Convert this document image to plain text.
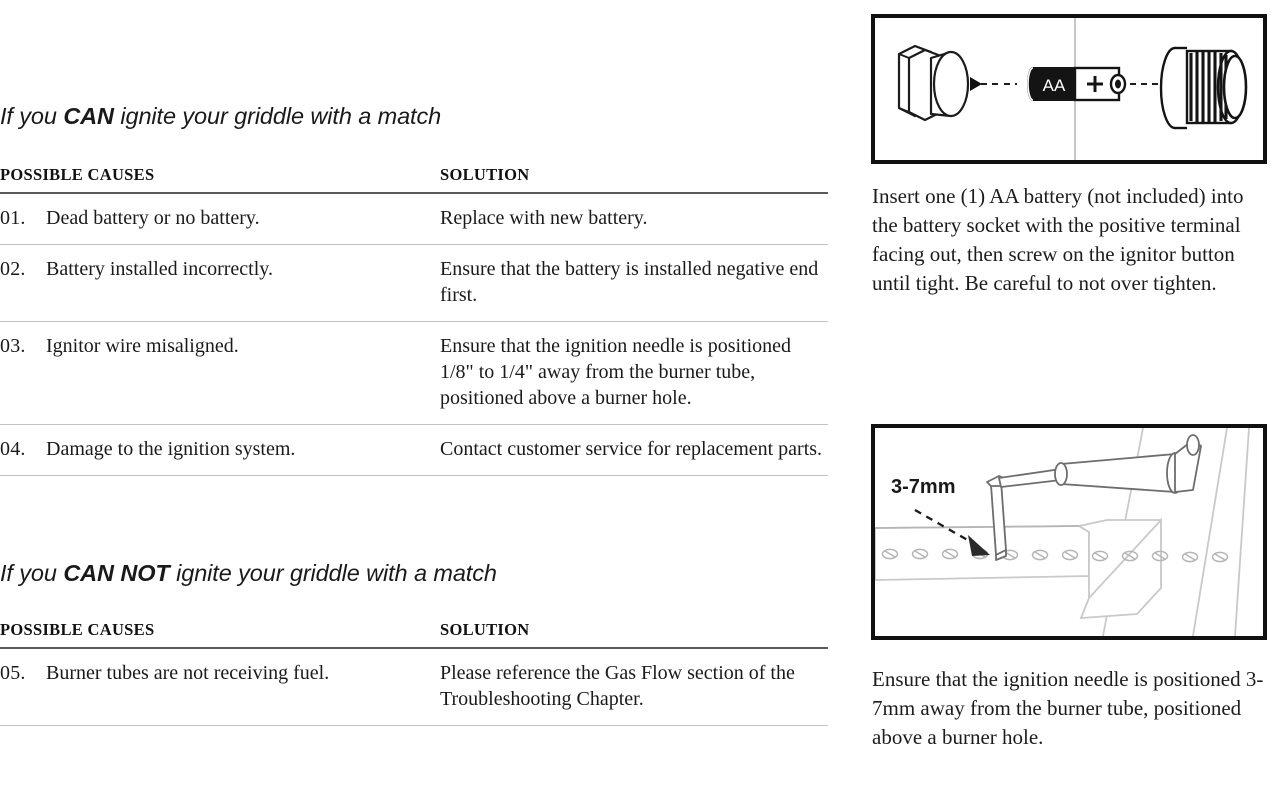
If you CAN ignite your griddle with a match
POSSIBLE CAUSES		SOLUTION
01.	Dead battery or no battery.	Replace with new battery.
02.	Battery installed incorrectly.	Ensure that the battery is installed negative end first.
03.	Ignitor wire misaligned.	Ensure that the ignition needle is positioned 1/8" to 1/4" away from the burner tube, positioned above a burner hole.
04.	Damage to the ignition system.	Contact customer service for replacement parts.
If you CAN NOT ignite your griddle with a match
POSSIBLE CAUSES		SOLUTION
05.	Burner tubes are not receiving fuel.	Please reference the Gas Flow section of the Troubleshooting Chapter.
AA
Insert one (1) AA battery (not included) into the battery socket with the positive terminal facing out, then screw on the ignitor button until tight. Be careful to not over tighten.
3-7mm
Ensure that the ignition needle is positioned 3-7mm away from the burner tube, positioned above a burner hole.
